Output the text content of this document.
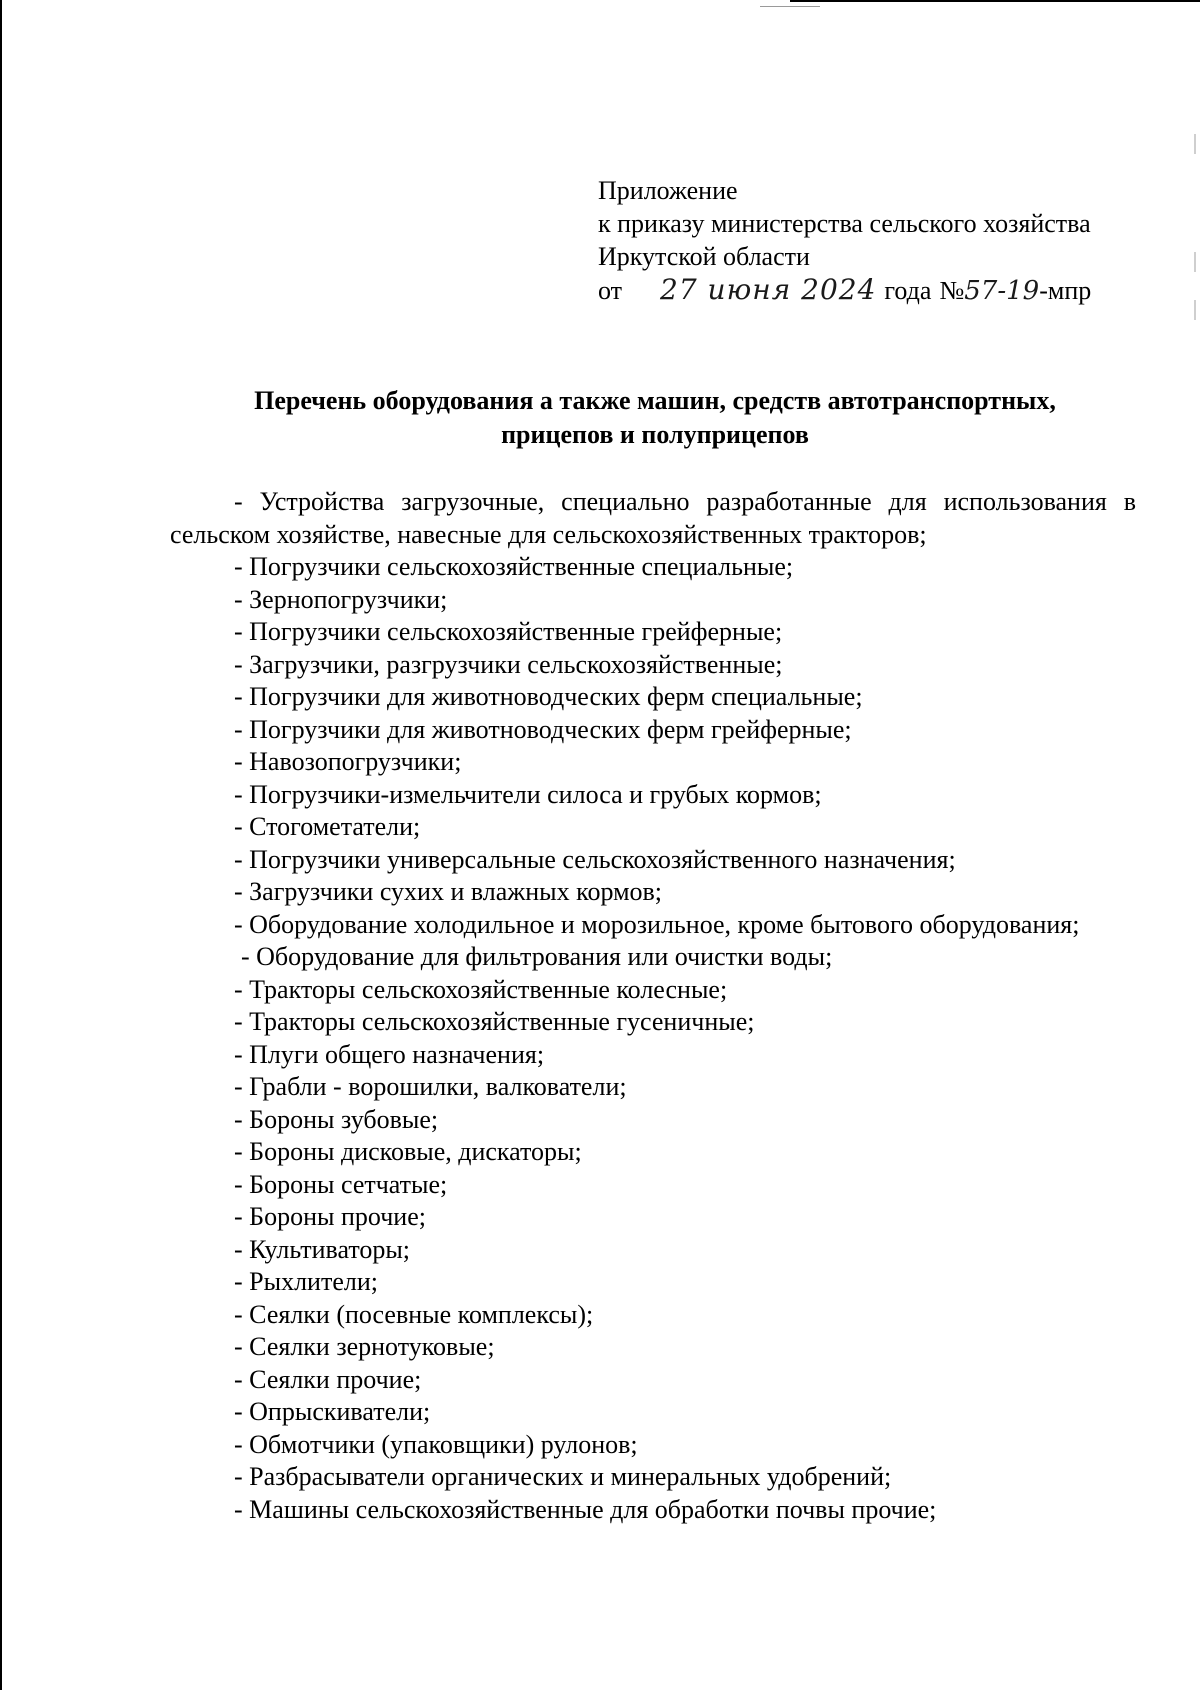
Приложение
к приказу министерства сельского хозяйства
Иркутской области
от 27 июня 2024 года № 57-19 -мпр
Перечень оборудования а также машин, средств автотранспортных,
прицепов и полуприцепов
- Устройства загрузочные, специально разработанные для использования в сельском хозяйстве, навесные для сельскохозяйственных тракторов;
- Погрузчики сельскохозяйственные специальные;
- Зернопогрузчики;
- Погрузчики сельскохозяйственные грейферные;
- Загрузчики, разгрузчики сельскохозяйственные;
- Погрузчики для животноводческих ферм специальные;
- Погрузчики для животноводческих ферм грейферные;
- Навозопогрузчики;
- Погрузчики-измельчители силоса и грубых кормов;
- Стогометатели;
- Погрузчики универсальные сельскохозяйственного назначения;
- Загрузчики сухих и влажных кормов;
- Оборудование холодильное и морозильное, кроме бытового оборудования;
- Оборудование для фильтрования или очистки воды;
- Тракторы сельскохозяйственные колесные;
- Тракторы сельскохозяйственные гусеничные;
- Плуги общего назначения;
- Грабли - ворошилки, валкователи;
- Бороны зубовые;
- Бороны дисковые, дискаторы;
- Бороны сетчатые;
- Бороны прочие;
- Культиваторы;
- Рыхлители;
- Сеялки (посевные комплексы);
- Сеялки зернотуковые;
- Сеялки прочие;
- Опрыскиватели;
- Обмотчики (упаковщики) рулонов;
- Разбрасыватели органических и минеральных удобрений;
- Машины сельскохозяйственные для обработки почвы прочие;
